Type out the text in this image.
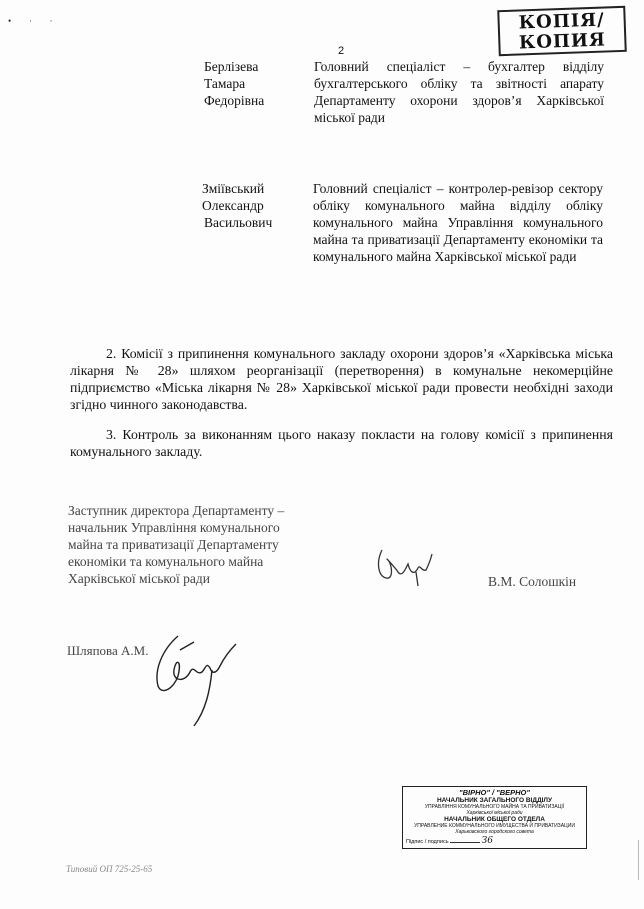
• ∙ ∙
2
КОПІЯ/
КОПИЯ
Берлізева
Тамара
Федорівна
Головний спеціаліст – бухгалтер відділу бухгалтерського обліку та звітності апарату Департаменту охорони здоров’я Харківської міської ради
Зміївський
Олександр
Васильович
Головний спеціаліст – контролер-ревізор сектору обліку комунального майна відділу обліку комунального майна Управління комунального майна та приватизації Департаменту економіки та комунального майна Харківської міської ради
2. Комісії з припинення комунального закладу охорони здоров’я «Харківська міська лікарня № 28» шляхом реорганізації (перетворення) в комунальне некомерційне підприємство «Міська лікарня № 28» Харківської міської ради провести необхідні заходи згідно чинного законодавства.
3. Контроль за виконанням цього наказу покласти на голову комісії з припинення комунального закладу.
Заступник директора Департаменту –
начальник Управління комунального
майна та приватизації Департаменту
економіки та комунального майна
Харківської міської ради	В.М. Солошкін
Шляпова А.М.
"ВІРНО" / "ВЕРНО"
НАЧАЛЬНИК ЗАГАЛЬНОГО ВІДДІЛУ
УПРАВЛІННЯ КОМУНАЛЬНОГО МАЙНА ТА ПРИВАТИЗАЦІЇ
Харківської міської ради
НАЧАЛЬНИК ОБЩЕГО ОТДЕЛА
УПРАВЛЕНИЕ КОММУНАЛЬНОГО ИМУЩЕСТВА И ПРИВАТИЗАЦИИ
Харьковского городского совета
Підпис / подпись	З6
Типовий ОП 725-25-65
